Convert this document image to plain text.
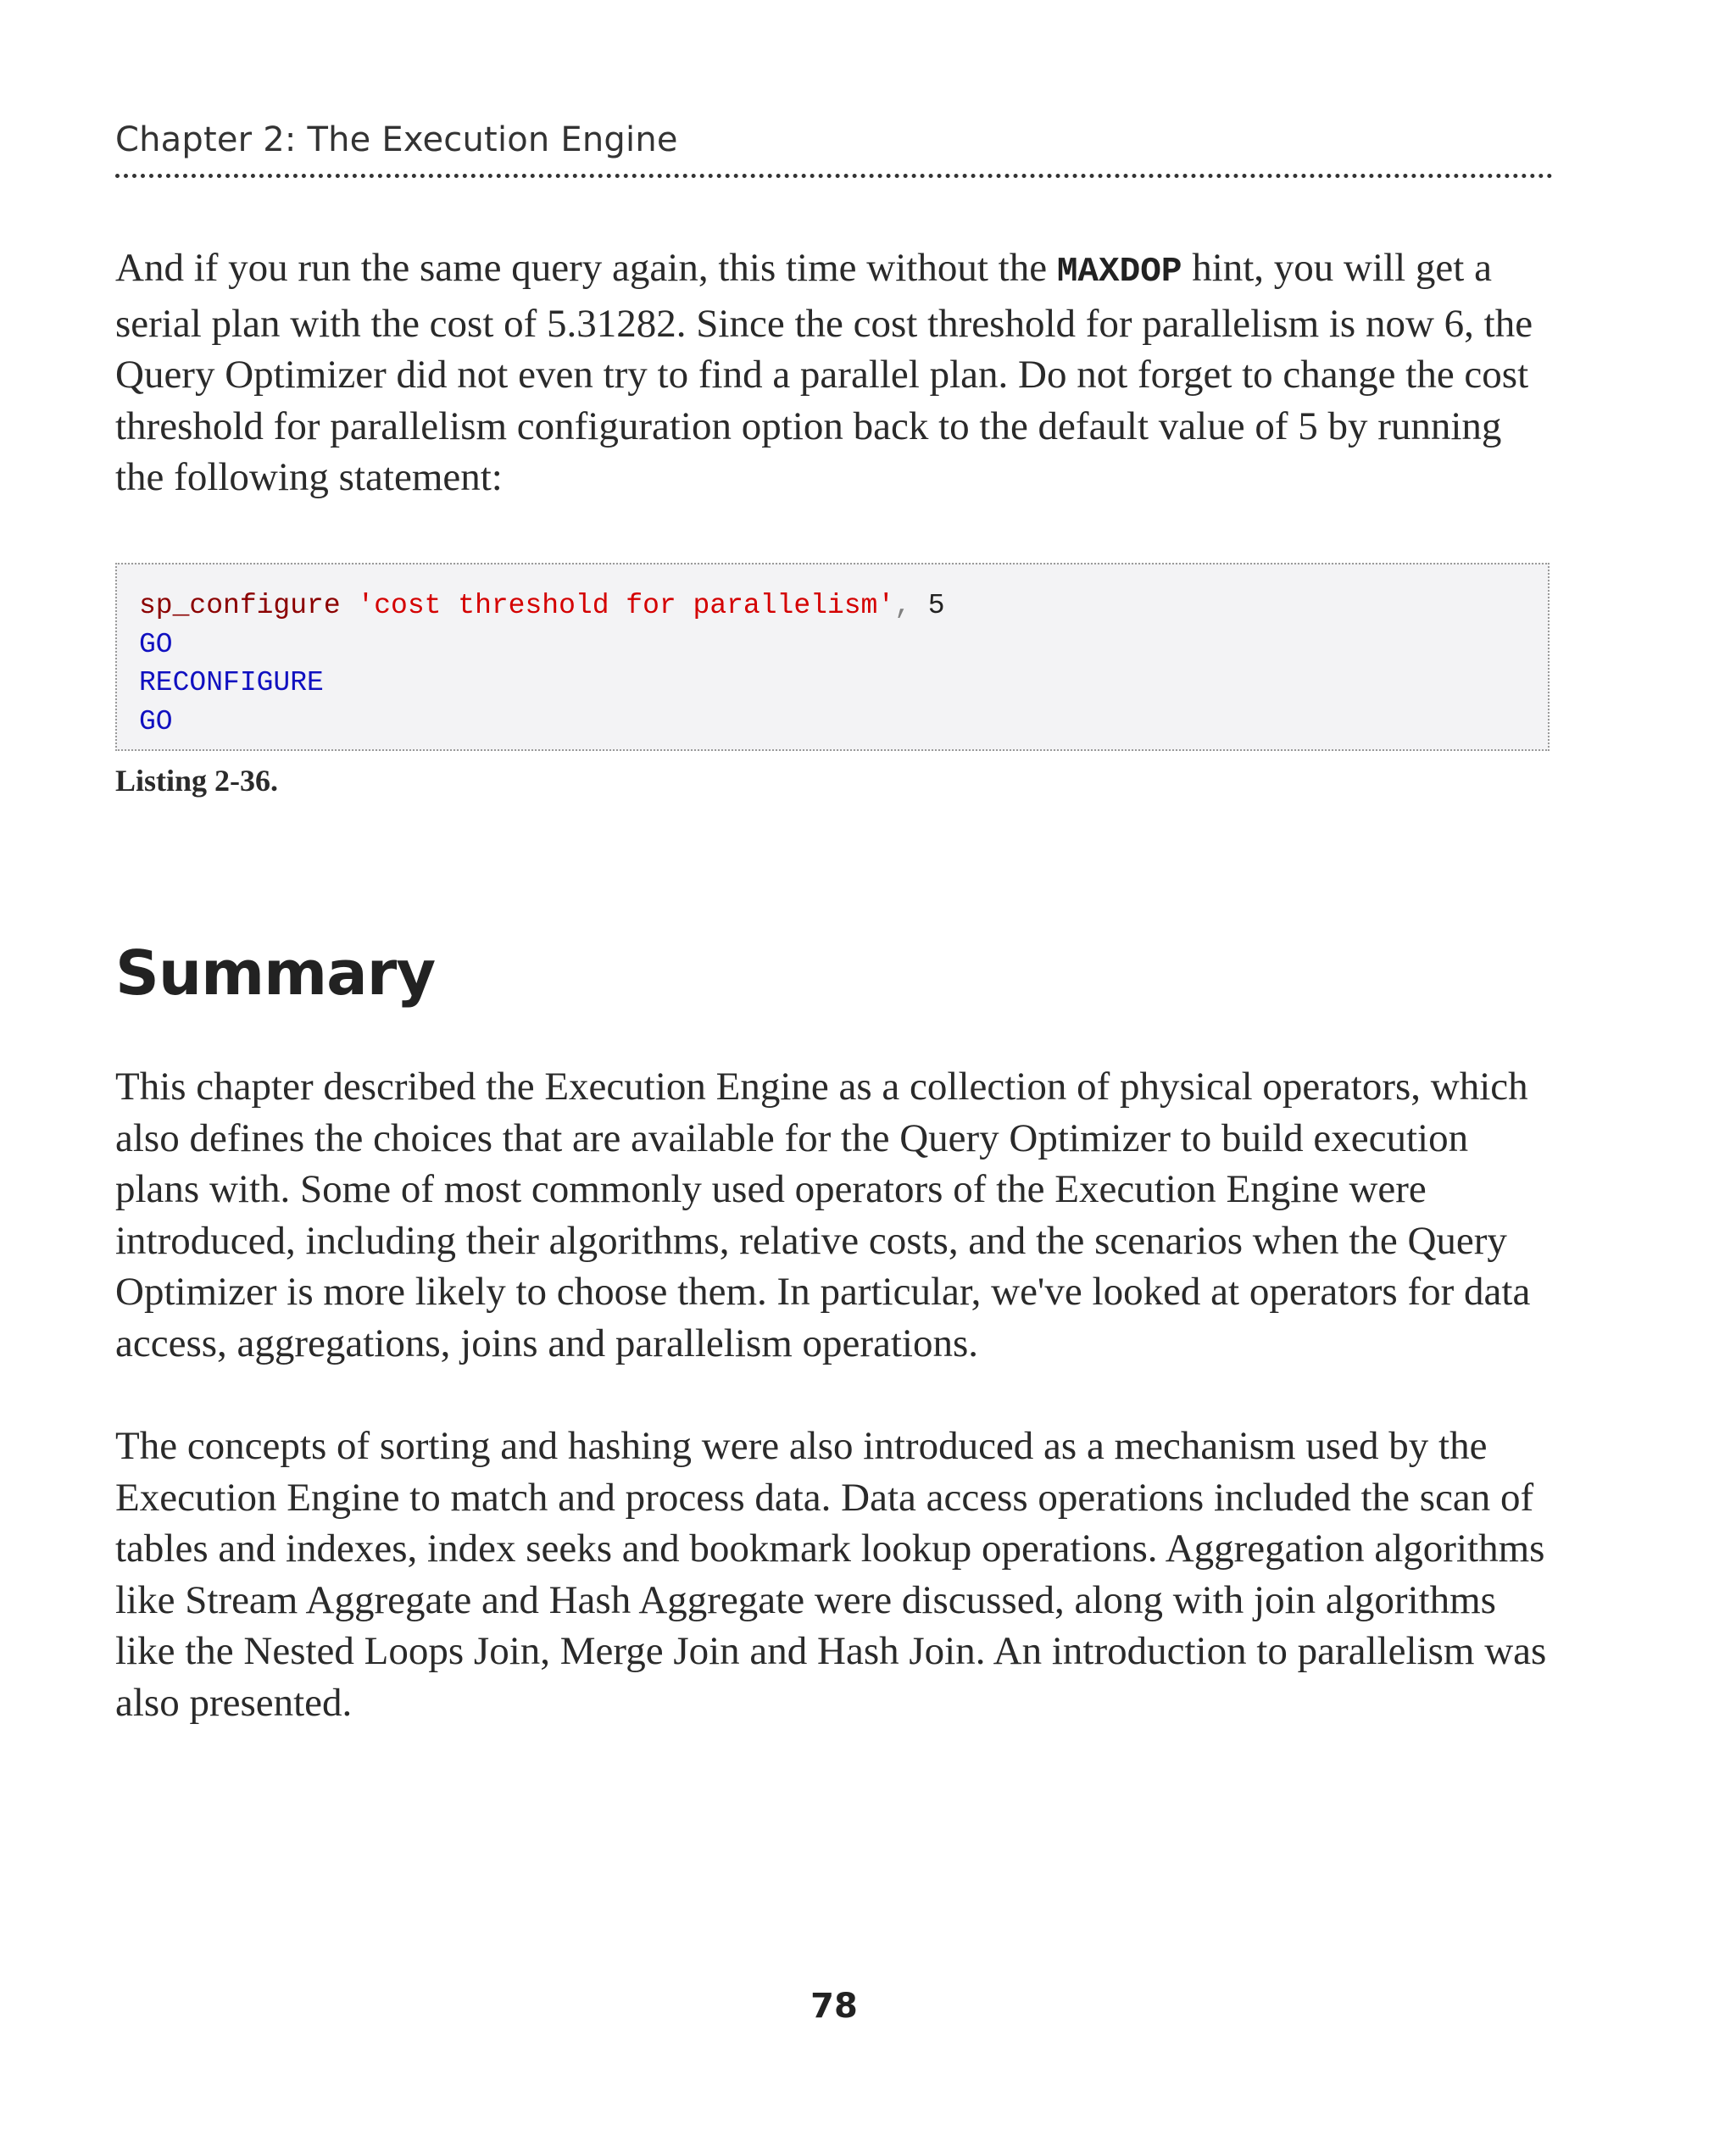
Chapter 2: The Execution Engine

And if you run the same query again, this time without the MAXDOP hint, you will get a serial plan with the cost of 5.31282. Since the cost threshold for parallelism is now 6, the Query Optimizer did not even try to find a parallel plan. Do not forget to change the cost threshold for parallelism configuration option back to the default value of 5 by running the following statement:

sp_configure 'cost threshold for parallelism', 5
GO
RECONFIGURE
GO
Listing 2-36.
Summary

This chapter described the Execution Engine as a collection of physical operators, which also defines the choices that are available for the Query Optimizer to build execution plans with. Some of most commonly used operators of the Execution Engine were introduced, including their algorithms, relative costs, and the scenarios when the Query Optimizer is more likely to choose them. In particular, we've looked at operators for data access, aggregations, joins and parallelism operations.

The concepts of sorting and hashing were also introduced as a mechanism used by the Execution Engine to match and process data. Data access operations included the scan of tables and indexes, index seeks and bookmark lookup operations. Aggregation algorithms like Stream Aggregate and Hash Aggregate were discussed, along with join algorithms like the Nested Loops Join, Merge Join and Hash Join. An introduction to parallelism was also presented.

78
